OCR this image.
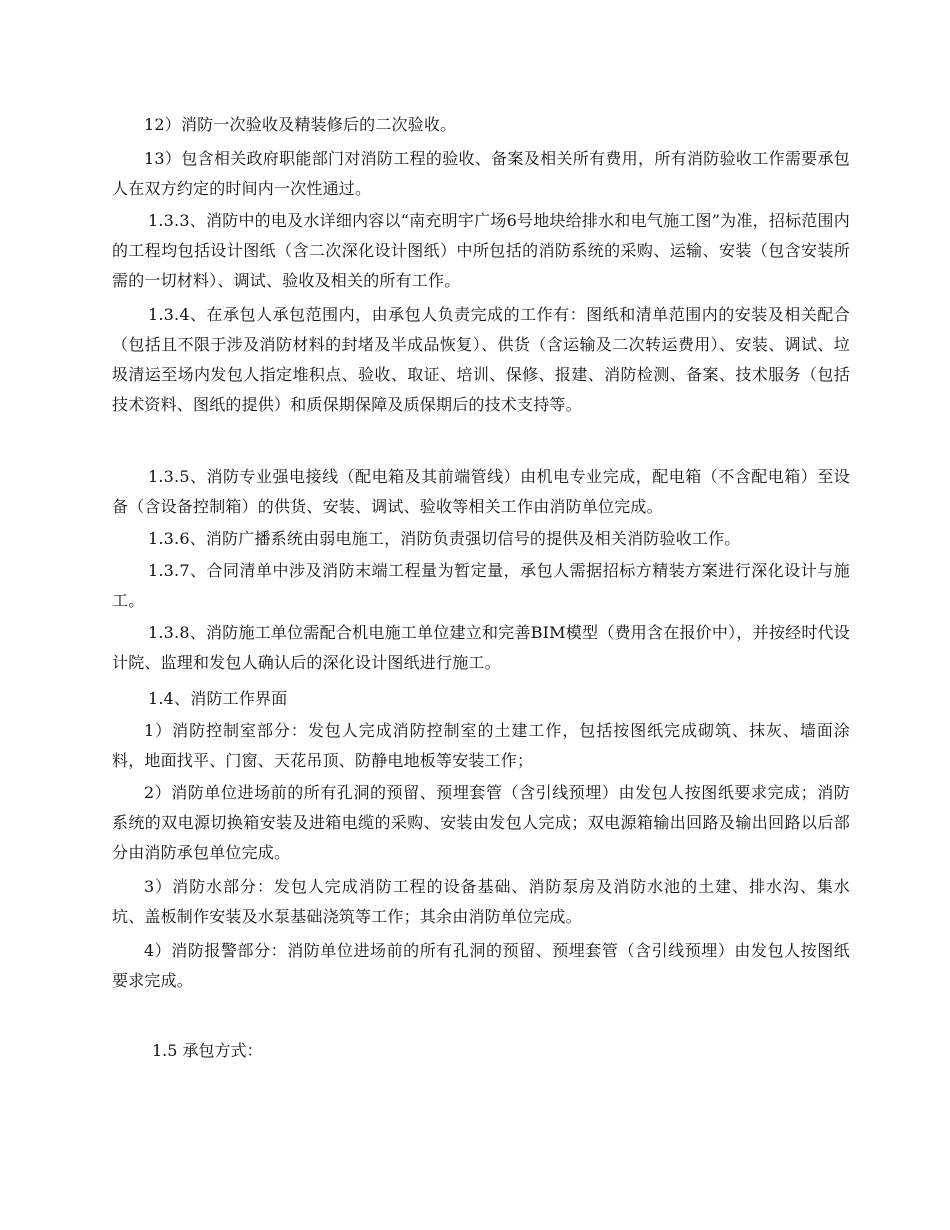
12）消防一次验收及精装修后的二次验收。

13）包含相关政府职能部门对消防工程的验收、备案及相关所有费用，所有消防验收工作需要承包人在双方约定的时间内一次性通过。

1.3.3、消防中的电及水详细内容以“南充明宇广场6号地块给排水和电气施工图”为准，招标范围内的工程均包括设计图纸（含二次深化设计图纸）中所包括的消防系统的采购、运输、安装（包含安装所需的一切材料）、调试、验收及相关的所有工作。

1.3.4、在承包人承包范围内，由承包人负责完成的工作有：图纸和清单范围内的安装及相关配合（包括且不限于涉及消防材料的封堵及半成品恢复）、供货（含运输及二次转运费用）、安装、调试、垃圾清运至场内发包人指定堆积点、验收、取证、培训、保修、报建、消防检测、备案、技术服务（包括技术资料、图纸的提供）和质保期保障及质保期后的技术支持等。

1.3.5、消防专业强电接线（配电箱及其前端管线）由机电专业完成，配电箱（不含配电箱）至设备（含设备控制箱）的供货、安装、调试、验收等相关工作由消防单位完成。

1.3.6、消防广播系统由弱电施工，消防负责强切信号的提供及相关消防验收工作。

1.3.7、合同清单中涉及消防末端工程量为暂定量，承包人需据招标方精装方案进行深化设计与施工。

1.3.8、消防施工单位需配合机电施工单位建立和完善BIM模型（费用含在报价中），并按经时代设计院、监理和发包人确认后的深化设计图纸进行施工。

1.4、消防工作界面

1）消防控制室部分：发包人完成消防控制室的土建工作，包括按图纸完成砌筑、抹灰、墙面涂料，地面找平、门窗、天花吊顶、防静电地板等安装工作；

2）消防单位进场前的所有孔洞的预留、预埋套管（含引线预埋）由发包人按图纸要求完成；消防系统的双电源切换箱安装及进箱电缆的采购、安装由发包人完成；双电源箱输出回路及输出回路以后部分由消防承包单位完成。

3）消防水部分：发包人完成消防工程的设备基础、消防泵房及消防水池的土建、排水沟、集水坑、盖板制作安装及水泵基础浇筑等工作；其余由消防单位完成。

4）消防报警部分：消防单位进场前的所有孔洞的预留、预埋套管（含引线预埋）由发包人按图纸要求完成。

1.5 承包方式：
